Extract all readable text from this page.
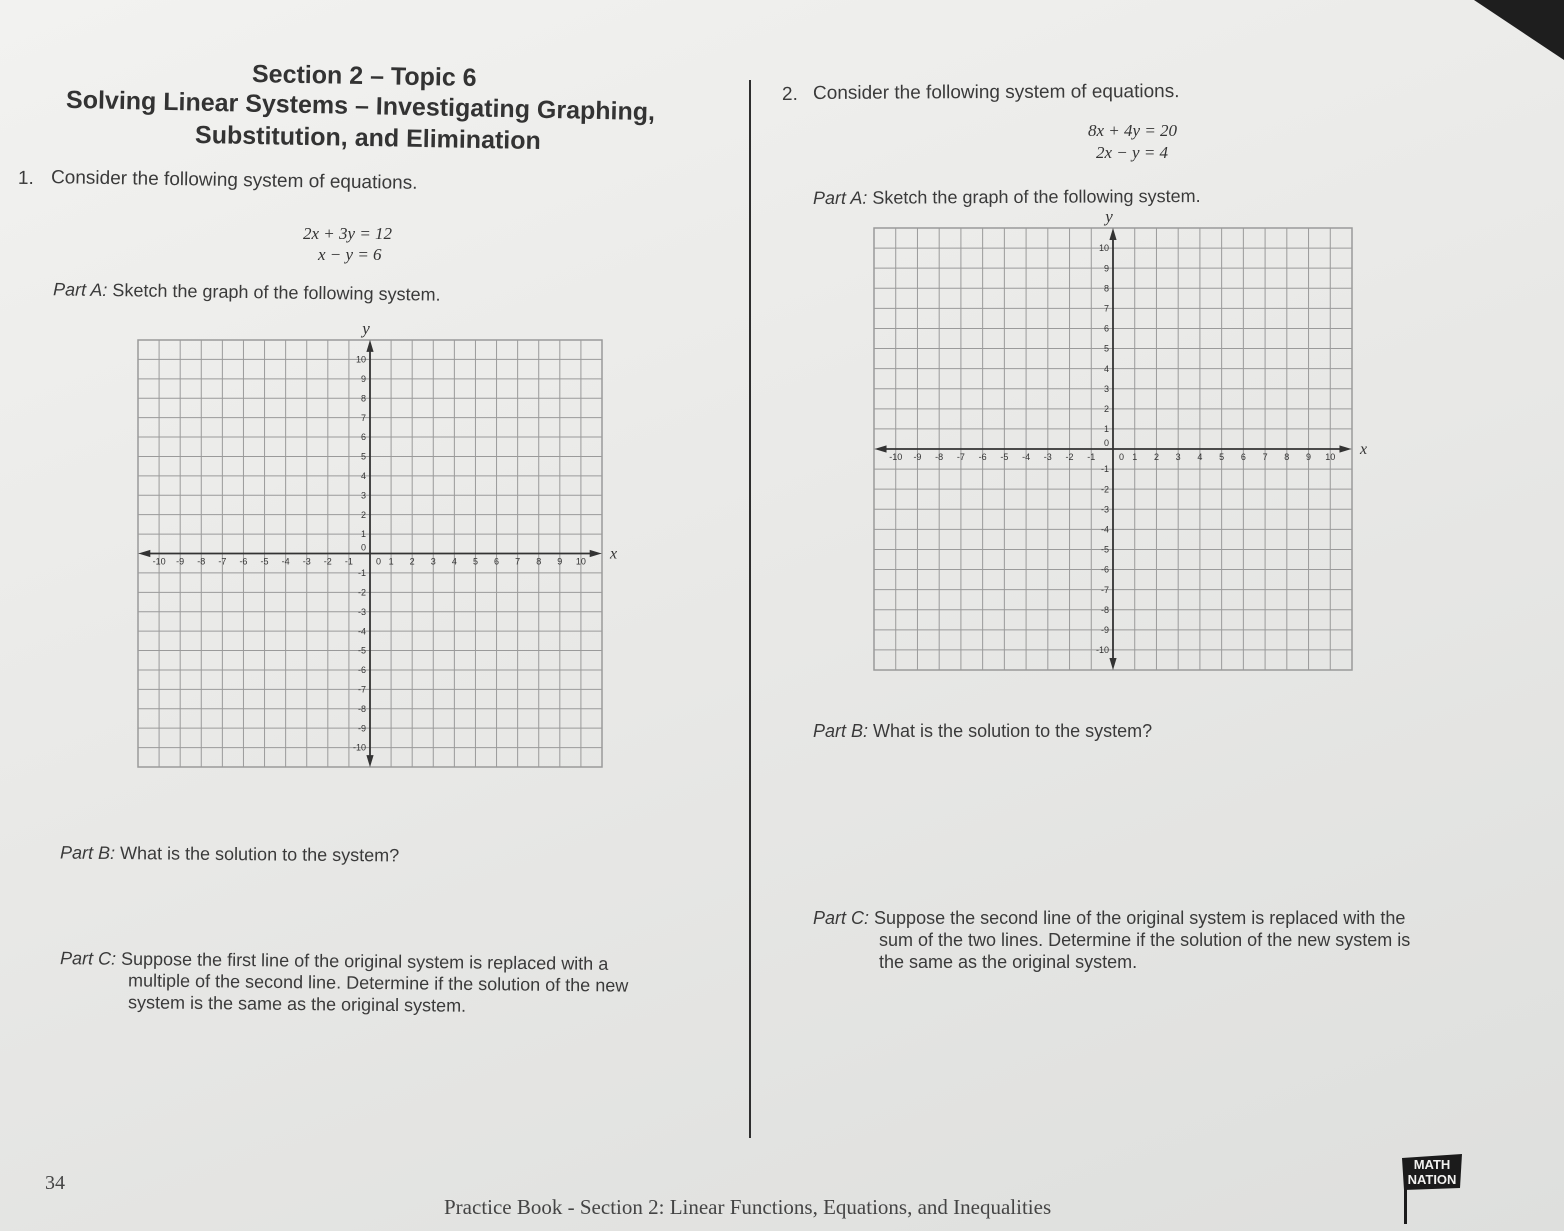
Section 2 – Topic 6
Solving Linear Systems – Investigating Graphing,
Substitution, and Elimination
1. Consider the following system of equations.
2x + 3y = 12
x − y = 6
Part A: Sketch the graph of the following system.
-10
-10
-9
-9
-8
-8
-7
-7
-6
-6
-5
-5
-4
-4
-3
-3
-2
-2
-1
-1
1
1
2
2
3
3
4
4
5
5
6
6
7
7
8
8
9
9
10
10
0
0	x
y
Part B: What is the solution to the system?
Part C: Suppose the first line of the original system is replaced with a
multiple of the second line. Determine if the solution of the new
system is the same as the original system.
2. Consider the following system of equations.
8x + 4y = 20
2x − y = 4
Part A: Sketch the graph of the following system.
-10
-10
-9
-9
-8
-8
-7
-7
-6
-6
-5
-5
-4
-4
-3
-3
-2
-2
-1
-1
1
1
2
2
3
3
4
4
5
5
6
6
7
7
8
8
9
9
10
10
0
0	x
y
Part B: What is the solution to the system?
Part C: Suppose the second line of the original system is replaced with the
sum of the two lines. Determine if the solution of the new system is
the same as the original system.
34
Practice Book - Section 2: Linear Functions, Equations, and Inequalities
MATH
NATION
